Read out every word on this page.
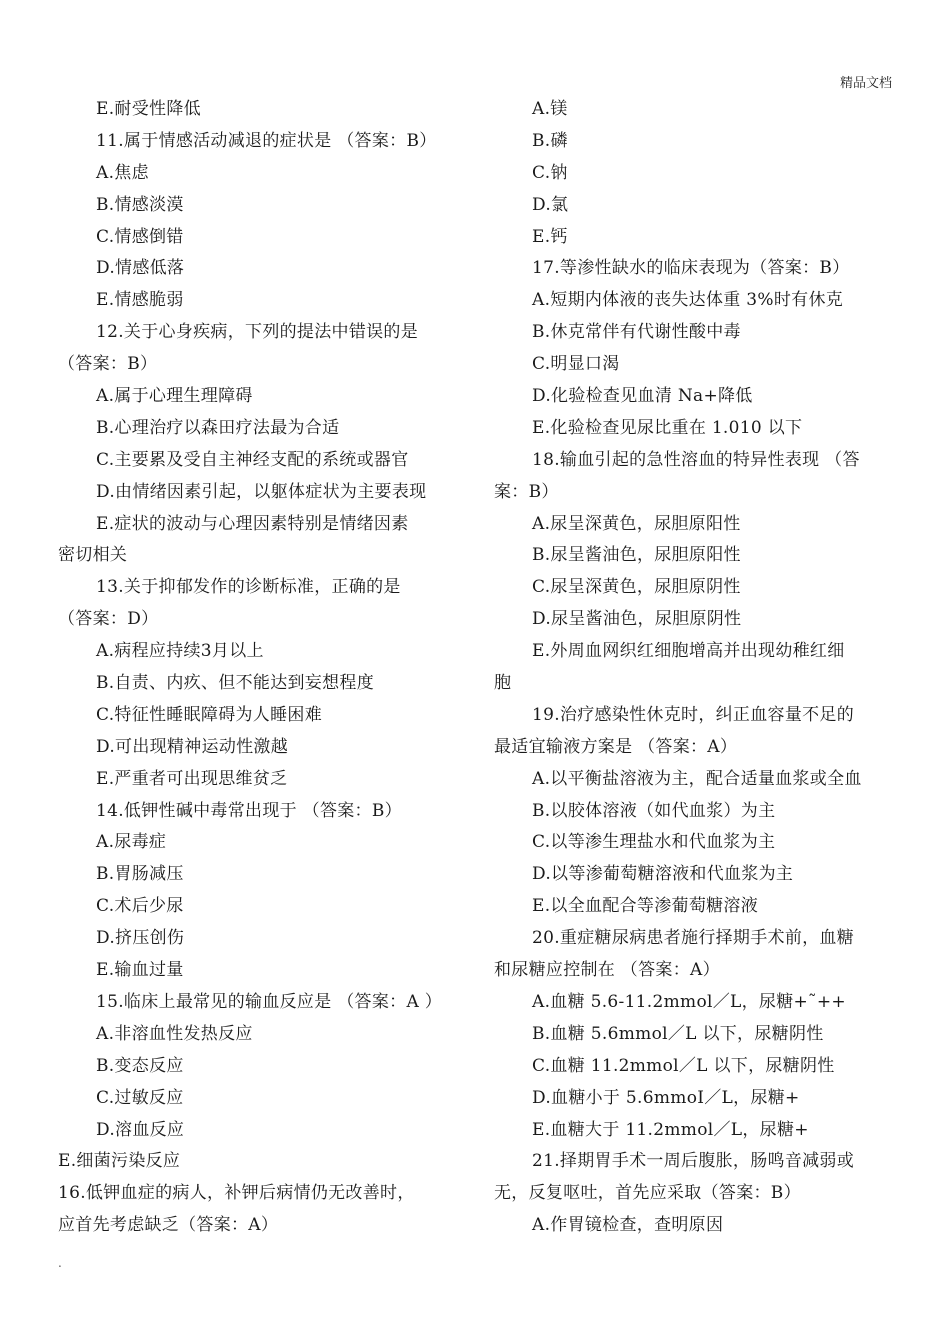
精品文档
E.耐受性降低
11.属于情感活动减退的症状是 （答案：B）
A.焦虑
B.情感淡漠
C.情感倒错
D.情感低落
E.情感脆弱
12.关于心身疾病，下列的提法中错误的是
（答案：B）
A.属于心理生理障碍
B.心理治疗以森田疗法最为合适
C.主要累及受自主神经支配的系统或器官
D.由情绪因素引起，以躯体症状为主要表现
E.症状的波动与心理因素特别是情绪因素
密切相关
13.关于抑郁发作的诊断标准，正确的是
（答案：D）
A.病程应持续3月以上
B.自责、内疚、但不能达到妄想程度
C.特征性睡眠障碍为人睡困难
D.可出现精神运动性激越
E.严重者可出现思维贫乏
14.低钾性碱中毒常出现于 （答案：B）
A.尿毒症
B.胃肠减压
C.术后少尿
D.挤压创伤
E.输血过量
15.临床上最常见的输血反应是 （答案：A ）
A.非溶血性发热反应
B.变态反应
C.过敏反应
D.溶血反应
E.细菌污染反应
16.低钾血症的病人，补钾后病情仍无改善时，
应首先考虑缺乏（答案：A）
A.镁
B.磷
C.钠
D.氯
E.钙
17.等渗性缺水的临床表现为（答案：B）
A.短期内体液的丧失达体重 3%时有休克
B.休克常伴有代谢性酸中毒
C.明显口渴
D.化验检查见血清 Na+降低
E.化验检查见尿比重在 1.010 以下
18.输血引起的急性溶血的特异性表现 （答
案：B）
A.尿呈深黄色，尿胆原阳性
B.尿呈酱油色，尿胆原阳性
C.尿呈深黄色，尿胆原阴性
D.尿呈酱油色，尿胆原阴性
E.外周血网织红细胞增高并出现幼稚红细
胞
19.治疗感染性休克时，纠正血容量不足的
最适宜输液方案是 （答案：A）
A.以平衡盐溶液为主，配合适量血浆或全血
B.以胶体溶液（如代血浆）为主
C.以等渗生理盐水和代血浆为主
D.以等渗葡萄糖溶液和代血浆为主
E.以全血配合等渗葡萄糖溶液
20.重症糖尿病患者施行择期手术前，血糖
和尿糖应控制在 （答案：A）
A.血糖 5.6-11.2mmol／L，尿糖+˜++
B.血糖 5.6mmol／L 以下，尿糖阴性
C.血糖 11.2mmol／L 以下，尿糖阴性
D.血糖小于 5.6mmoI／L，尿糖+
E.血糖大于 11.2mmol／L，尿糖+
21.择期胃手术一周后腹胀，肠鸣音减弱或
无，反复呕吐，首先应采取（答案：B）
A.作胃镜检查，查明原因
.
